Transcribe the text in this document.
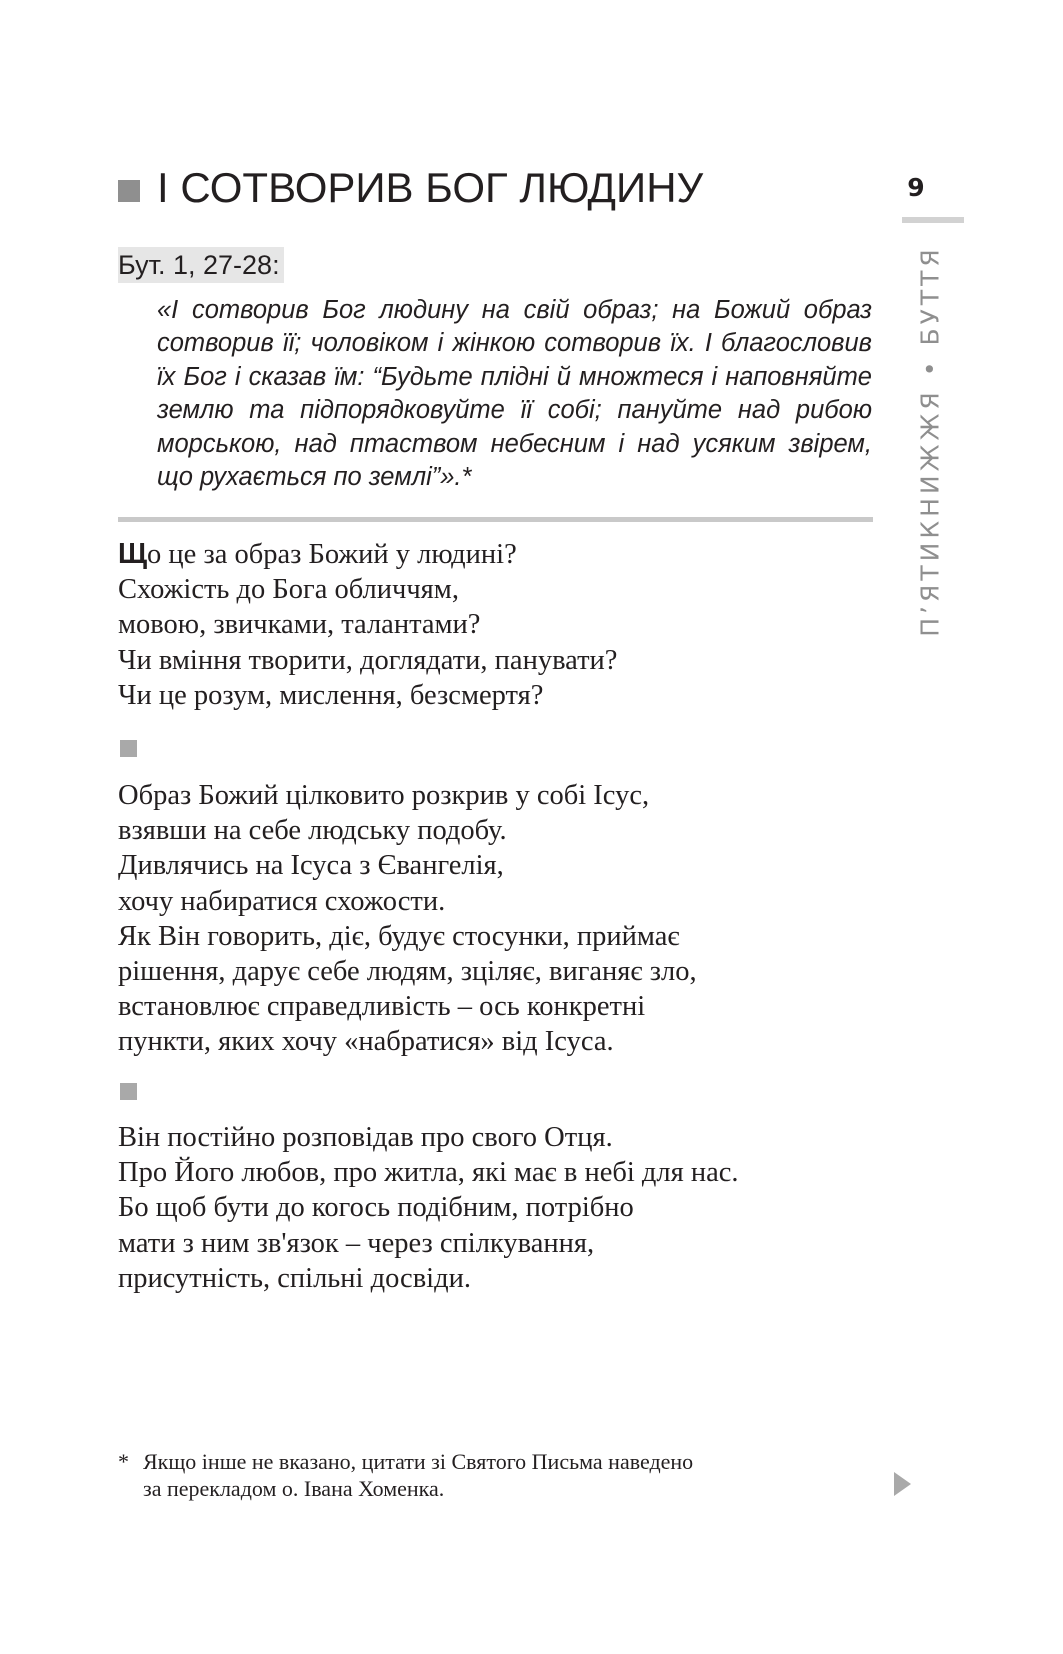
І СОТВОРИВ БОГ ЛЮДИНУ	9
П’ЯТИКНИЖЖЯ • БУТТЯ
Бут. 1, 27-28:

«І сотворив Бог людину на свій образ; на Божий образ сотворив її; чоловіком і жінкою сотворив їх. І благословив їх Бог і сказав їм: “Будьте плідні й множтеся і наповняйте землю та підпорядковуйте її собі; пануйте над рибою морською, над птаством небесним і над усяким звірем, що рухається по землі”».*

Що це за образ Божий у людині?
Схожість до Бога обличчям,
мовою, звичками, талантами?
Чи вміння творити, доглядати, панувати?
Чи це розум, мислення, безсмертя?

Образ Божий цілковито розкрив у собі Ісус,
взявши на себе людську подобу.
Дивлячись на Ісуса з Євангелія,
хочу набиратися схожости.
Як Він говорить, діє, будує стосунки, приймає
рішення, дарує себе людям, зціляє, виганяє зло,
встановлює справедливість – ось конкретні
пункти, яких хочу «набратися» від Ісуса.

Він постійно розповідав про свого Отця.
Про Його любов, про житла, які має в небі для нас.
Бо щоб бути до когось подібним, потрібно
мати з ним зв'язок – через спілкування,
присутність, спільні досвіди.

* Якщо інше не вказано, цитати зі Святого Письма наведено
за перекладом о. Івана Хоменка.
